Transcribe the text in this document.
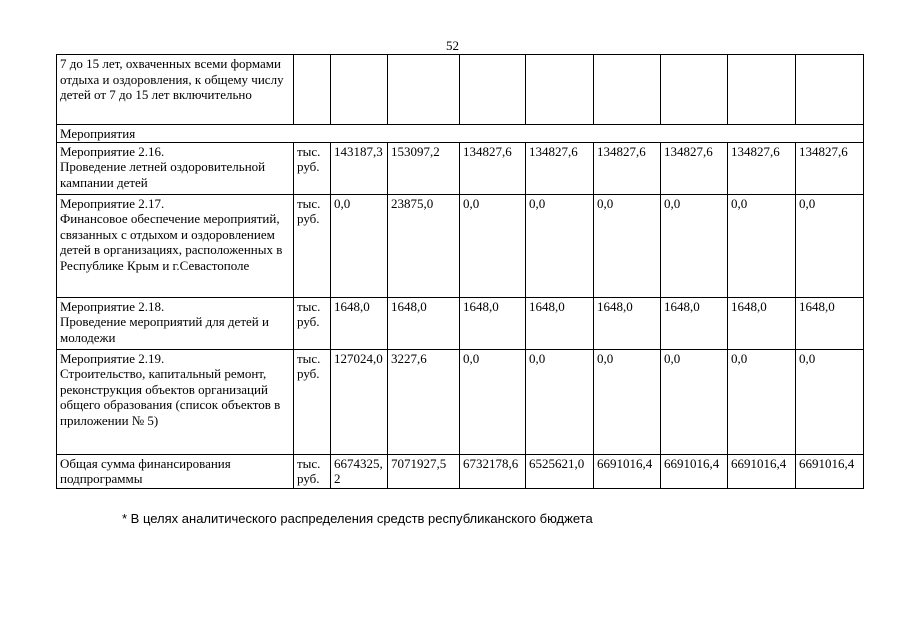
52
7 до 15 лет, охваченных всеми формами отдыха и оздоровления, к общему числу детей от 7 до 15 лет включительно									
Мероприятия									
Мероприятие 2.16.
Проведение летней оздоровительной кампании детей	тыс. руб.	143187,3	153097,2	134827,6	134827,6	134827,6	134827,6	134827,6	134827,6
Мероприятие 2.17.
Финансовое обеспечение мероприятий, связанных с отдыхом и оздоровлением детей в организациях, расположенных в Республике Крым и г.Севастополе	тыс. руб.	0,0	23875,0	0,0	0,0	0,0	0,0	0,0	0,0
Мероприятие 2.18.
Проведение мероприятий для детей и молодежи	тыс. руб.	1648,0	1648,0	1648,0	1648,0	1648,0	1648,0	1648,0	1648,0
Мероприятие 2.19.
Строительство, капитальный ремонт, реконструкция объектов организаций общего образования (список объектов в приложении № 5)	тыс. руб.	127024,0	3227,6	0,0	0,0	0,0	0,0	0,0	0,0
Общая сумма финансирования подпрограммы	тыс. руб.	6674325,2	7071927,5	6732178,6	6525621,0	6691016,4	6691016,4	6691016,4	6691016,4
* В целях аналитического распределения средств республиканского бюджета
